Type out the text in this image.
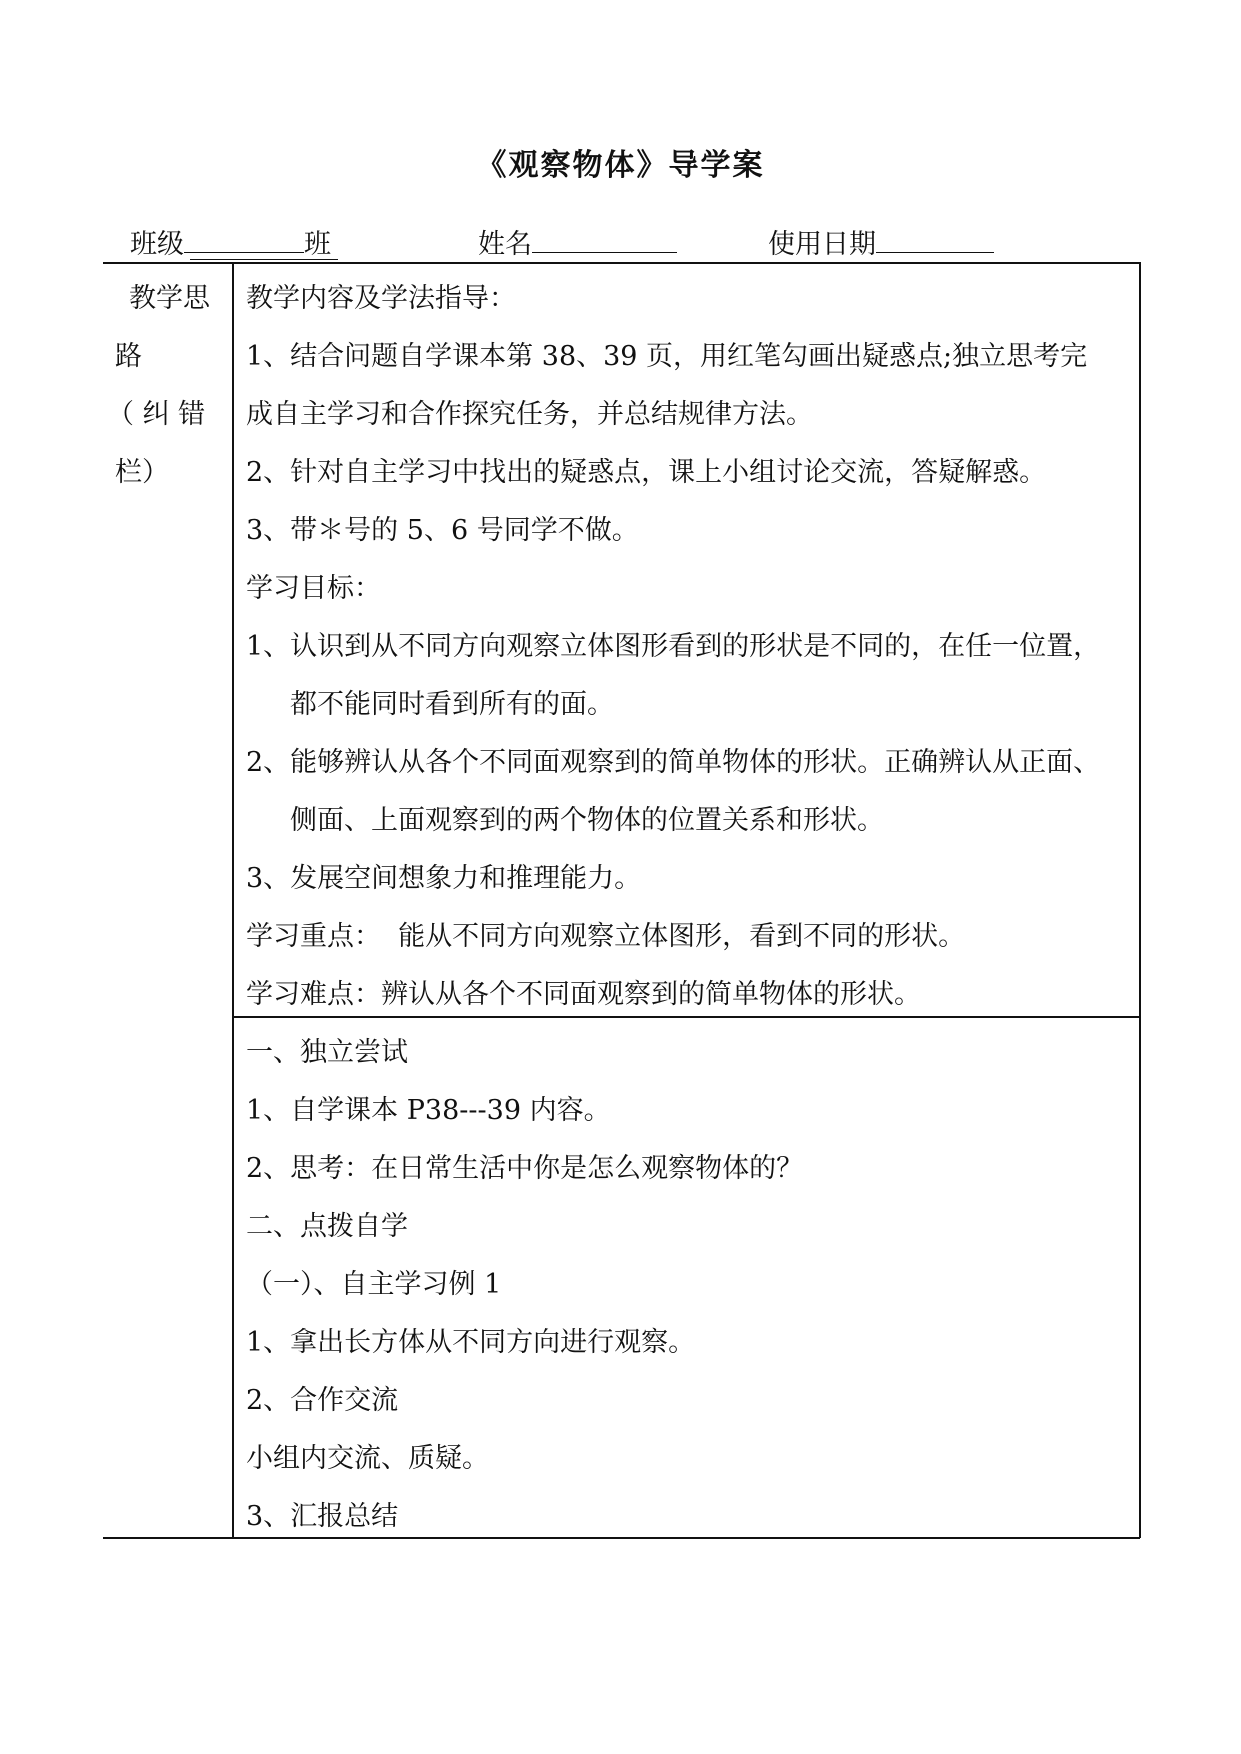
《观察物体》导学案
班级	班	姓名	使用日期
教学思
路
（ 纠 错
栏）

教学内容及学法指导：

1、结合问题自学课本第 38、39 页，用红笔勾画出疑惑点;独立思考完

成自主学习和合作探究任务，并总结规律方法。

2、针对自主学习中找出的疑惑点，课上小组讨论交流，答疑解惑。

3、带＊号的 5、6 号同学不做。

学习目标：

1、认识到从不同方向观察立体图形看到的形状是不同的，在任一位置，

都不能同时看到所有的面。

2、能够辨认从各个不同面观察到的简单物体的形状。正确辨认从正面、

侧面、上面观察到的两个物体的位置关系和形状。

3、发展空间想象力和推理能力。

学习重点：  能从不同方向观察立体图形，看到不同的形状。

学习难点：辨认从各个不同面观察到的简单物体的形状。

一、独立尝试

1、自学课本 P38---39 内容。

2、思考：在日常生活中你是怎么观察物体的？

二、点拨自学

（一）、自主学习例 1

1、拿出长方体从不同方向进行观察。

2、合作交流

小组内交流、质疑。

3、汇报总结
